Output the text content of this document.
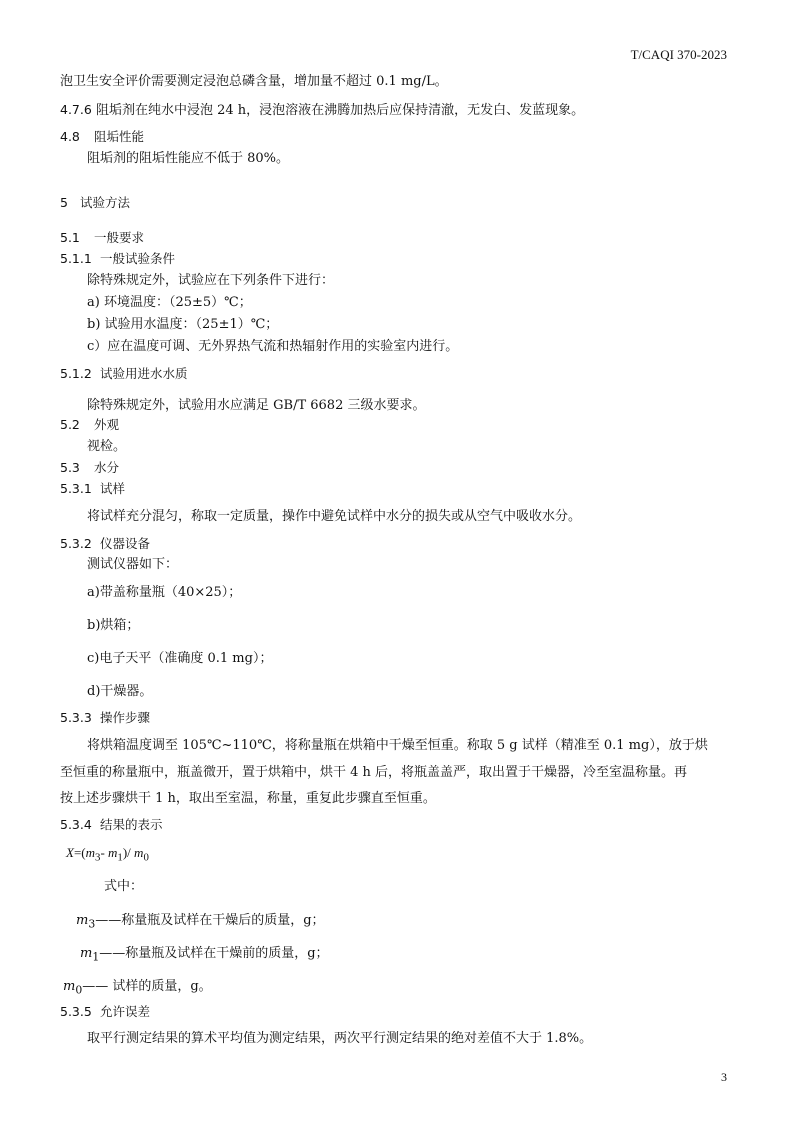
T/CAQI 370-2023
泡卫生安全评价需要测定浸泡总磷含量，增加量不超过 0.1 mg/L。
4.7.6 阻垢剂在纯水中浸泡 24 h，浸泡溶液在沸腾加热后应保持清澈，无发白、发蓝现象。
4.8 阻垢性能
阻垢剂的阻垢性能应不低于 80%。
5 试验方法
5.1 一般要求
5.1.1 一般试验条件
除特殊规定外，试验应在下列条件下进行：
a) 环境温度：（25±5）℃；
b) 试验用水温度：（25±1）℃；
c）应在温度可调、无外界热气流和热辐射作用的实验室内进行。
5.1.2 试验用进水水质
除特殊规定外，试验用水应满足 GB/T 6682 三级水要求。
5.2 外观
视检。
5.3 水分
5.3.1 试样
将试样充分混匀，称取一定质量，操作中避免试样中水分的损失或从空气中吸收水分。
5.3.2 仪器设备
测试仪器如下：
a)带盖称量瓶（40×25）；
b)烘箱；
c)电子天平（准确度 0.1 mg）；
d)干燥器。
5.3.3 操作步骤
将烘箱温度调至 105℃~110℃，将称量瓶在烘箱中干燥至恒重。称取 5 g 试样（精准至 0.1 mg），放于烘
至恒重的称量瓶中，瓶盖微开，置于烘箱中，烘干 4 h 后，将瓶盖盖严，取出置于干燥器，冷至室温称量。再
按上述步骤烘干 1 h，取出至室温，称量，重复此步骤直至恒重。
5.3.4 结果的表示
$X=(m_3-$ $m_1)/$ $m_0$
式中：
$m_3——$称量瓶及试样在干燥后的质量，g；
$m_1——$称量瓶及试样在干燥前的质量，g；
$m_0——$ 试样的质量，g。
5.3.5 允许误差
取平行测定结果的算术平均值为测定结果，两次平行测定结果的绝对差值不大于 1.8%。
3
